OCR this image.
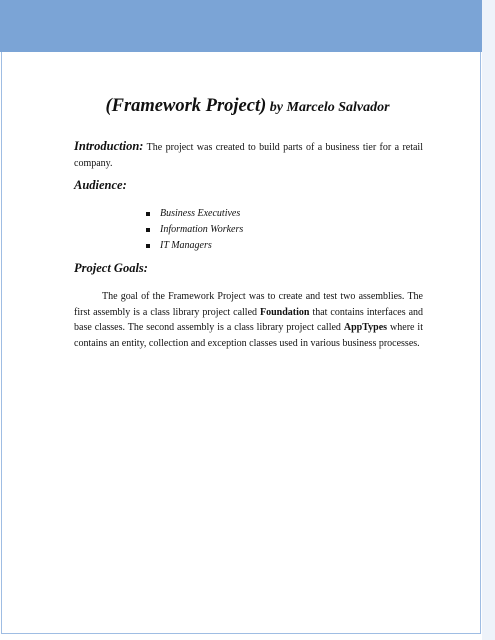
(Framework Project) by Marcelo Salvador
Introduction: The project was created to build parts of a business tier for a retail company.
Audience:
Business Executives
Information Workers
IT Managers
Project Goals:

The goal of the Framework Project was to create and test two assemblies. The first assembly is a class library project called Foundation that contains interfaces and base classes. The second assembly is a class library project called AppTypes where it contains an entity, collection and exception classes used in various business processes.
